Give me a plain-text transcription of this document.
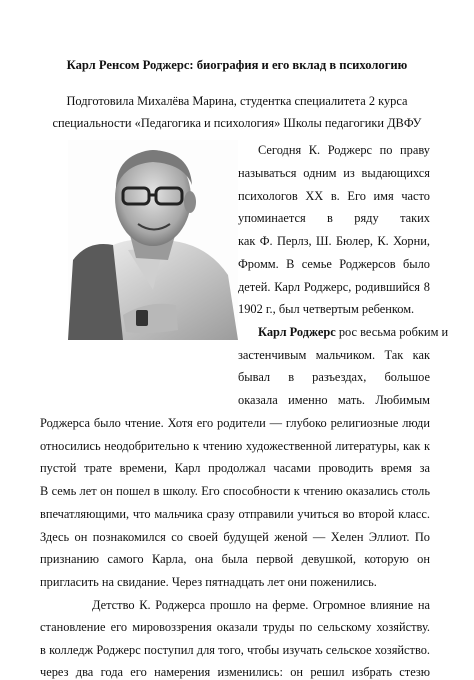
Карл Ренсом Роджерс: биография и его вклад в психологию
Подготовила Михалёва Марина, студентка специалитета 2 курса
специальности «Педагогика и психология» Школы педагогики ДВФУ
Сегодня К. Роджерс по праву
называться одним из выдающихся
психологов XX в. Его имя часто
упоминается в ряду таких
как Ф. Перлз, Ш. Бюлер, К. Хорни,
Фромм. В семье Роджерсов было
детей. Карл Роджерс, родившийся 8
1902 г., был четвертым ребенком.
Карл Роджерс рос весьма робким и
застенчивым мальчиком. Так как
бывал в разъездах, большое
оказала именно мать. Любимым
Роджерса было чтение. Хотя его родители — глубоко религиозные люди
относились неодобрительно к чтению художественной литературы, как к
пустой трате времени, Карл продолжал часами проводить время за
В семь лет он пошел в школу. Его способности к чтению оказались столь
впечатляющими, что мальчика сразу отправили учиться во второй класс.
Здесь он познакомился со своей будущей женой — Хелен Эллиот. По
признанию самого Карла, она была первой девушкой, которую он
пригласить на свидание. Через пятнадцать лет они поженились.
Детство К. Роджерса прошло на ферме. Огромное влияние на
становление его мировоззрения оказали труды по сельскому хозяйству.
в колледж Роджерс поступил для того, чтобы изучать сельское хозяйство.
через два года его намерения изменились: он решил избрать стезю
